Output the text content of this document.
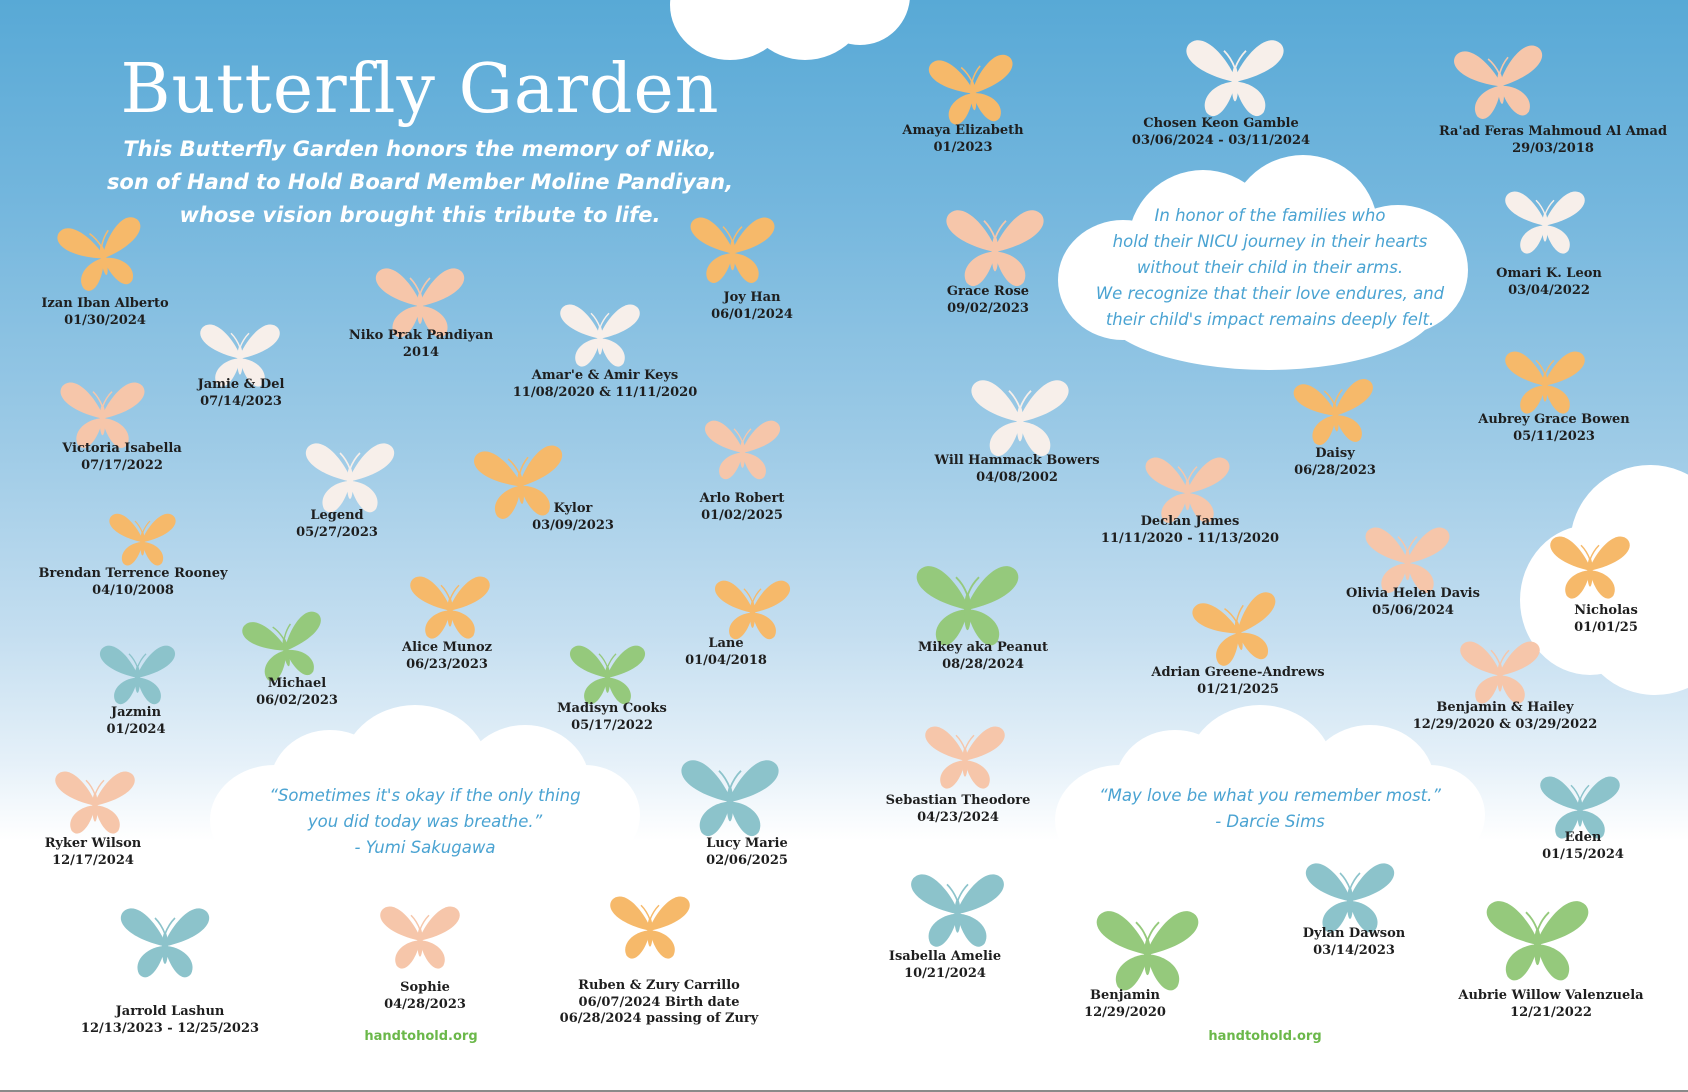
Butterfly Garden
This Butterfly Garden honors the memory of Niko,
son of Hand to Hold Board Member Moline Pandiyan,
whose vision brought this tribute to life.	In honor of the families who
hold their NICU journey in their hearts
without their child in their arms.
We recognize that their love endures, and
their child's impact remains deeply felt.
“Sometimes it's okay if the only thing
you did today was breathe.”
- Yumi Sakugawa
“May love be what you remember most.”
- Darcie Sims
Izan Iban Alberto
01/30/2024
Jamie & Del
07/14/2023
Niko Prak Pandiyan
2014
Amar'e & Amir Keys
11/08/2020 & 11/11/2020
Joy Han
06/01/2024
Victoria Isabella
07/17/2022
Legend
05/27/2023
Kylor
03/09/2023
Arlo Robert
01/02/2025
Brendan Terrence Rooney
04/10/2008
Alice Munoz
06/23/2023
Lane
01/04/2018
Michael
06/02/2023
Jazmin
01/2024
Madisyn Cooks
05/17/2022
Ryker Wilson
12/17/2024
Lucy Marie
02/06/2025
Jarrold Lashun
12/13/2023 - 12/25/2023
Sophie
04/28/2023
Ruben & Zury Carrillo
06/07/2024 Birth date
06/28/2024 passing of Zury
Amaya Elizabeth
01/2023
Chosen Keon Gamble
03/06/2024 - 03/11/2024
Ra'ad Feras Mahmoud Al Amad
29/03/2018
Grace Rose
09/02/2023
Omari K. Leon
03/04/2022
Will Hammack Bowers
04/08/2002
Daisy
06/28/2023
Aubrey Grace Bowen
05/11/2023
Declan James
11/11/2020 - 11/13/2020
Olivia Helen Davis
05/06/2024	Nicholas
01/01/25
Mikey aka Peanut
08/28/2024
Adrian Greene-Andrews
01/21/2025
Benjamin & Hailey
12/29/2020 & 03/29/2022
Sebastian Theodore
04/23/2024
Eden
01/15/2024
Isabella Amelie
10/21/2024
Dylan Dawson
03/14/2023
Benjamin
12/29/2020
Aubrie Willow Valenzuela
12/21/2022
handtohold.org	handtohold.org
